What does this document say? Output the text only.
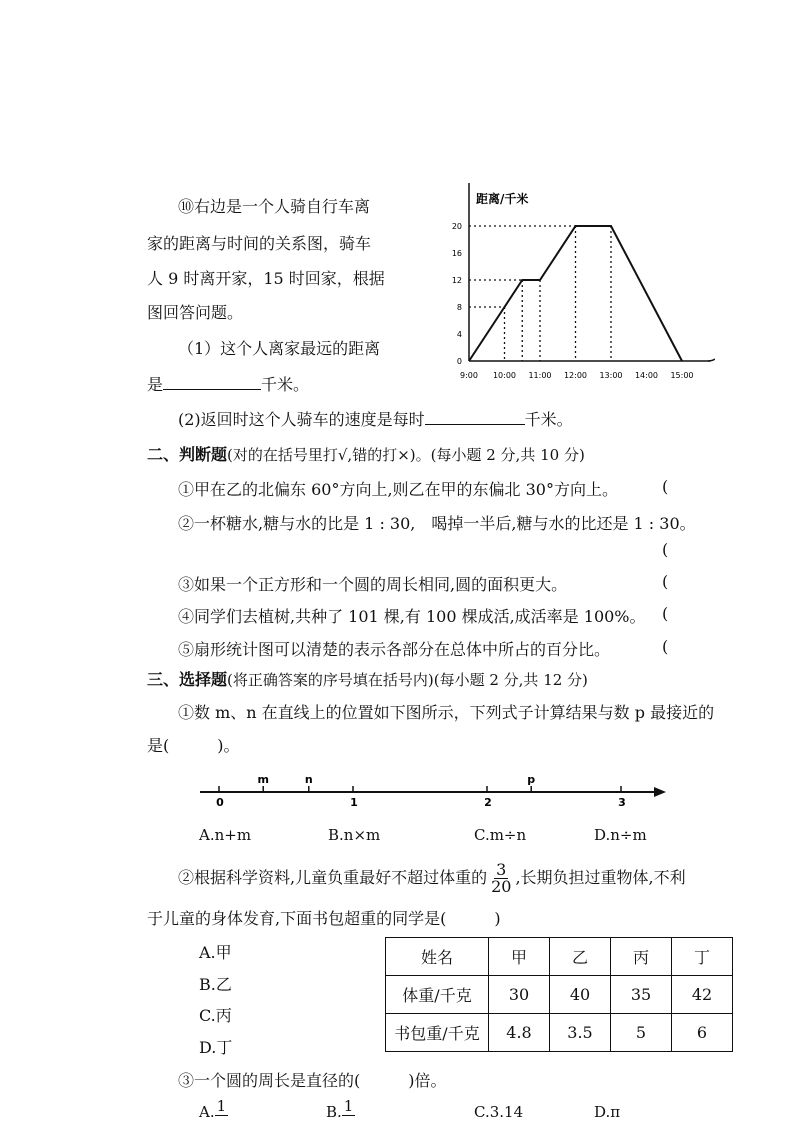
⑩右边是一个人骑自行车离
家的距离与时间的关系图，骑车
人 9 时离开家，15 时回家，根据
图回答问题。
（1）这个人离家最远的距离
是	千米。
(2)返回时这个人骑车的速度是每时	千米。
距离/千米
0
4
8
12
16
20
9:00 10:00 11:00 12:00 13:00 14:00 15:00
二、判断题(对的在括号里打√,错的打×)。(每小题 2 分,共 10 分)
①甲在乙的北偏东 60°方向上,则乙在甲的东偏北 30°方向上。	(
②一杯糖水,糖与水的比是 1 : 30,　喝掉一半后,糖与水的比还是 1 : 30。
(
③如果一个正方形和一个圆的周长相同,圆的面积更大。	(
④同学们去植树,共种了 101 棵,有 100 棵成活,成活率是 100%。 (
⑤扇形统计图可以清楚的表示各部分在总体中所占的百分比。	(
三、选择题(将正确答案的序号填在括号内)(每小题 2 分,共 12 分)
①数 m、n 在直线上的位置如下图所示，下列式子计算结果与数 p 最接近的
是(　　　)。
0	1	2	3
m	n	p
A.n+m	B.n×m	C.m÷n	D.n÷m
②根据科学资料,儿童负重最好不超过体重的 $\frac{3}{20}$ ,长期负担过重物体,不利
于儿童的身体发育,下面书包超重的同学是(　　　)
A.甲
B.乙
C.丙
D.丁
姓名	甲	乙	丙	丁
体重/千克	30	40	35	42
书包重/千克	4.8	3.5	5	6
③一个圆的周长是直径的(　　　)倍。
A. 1	B. 1	C.3.14	D.π
